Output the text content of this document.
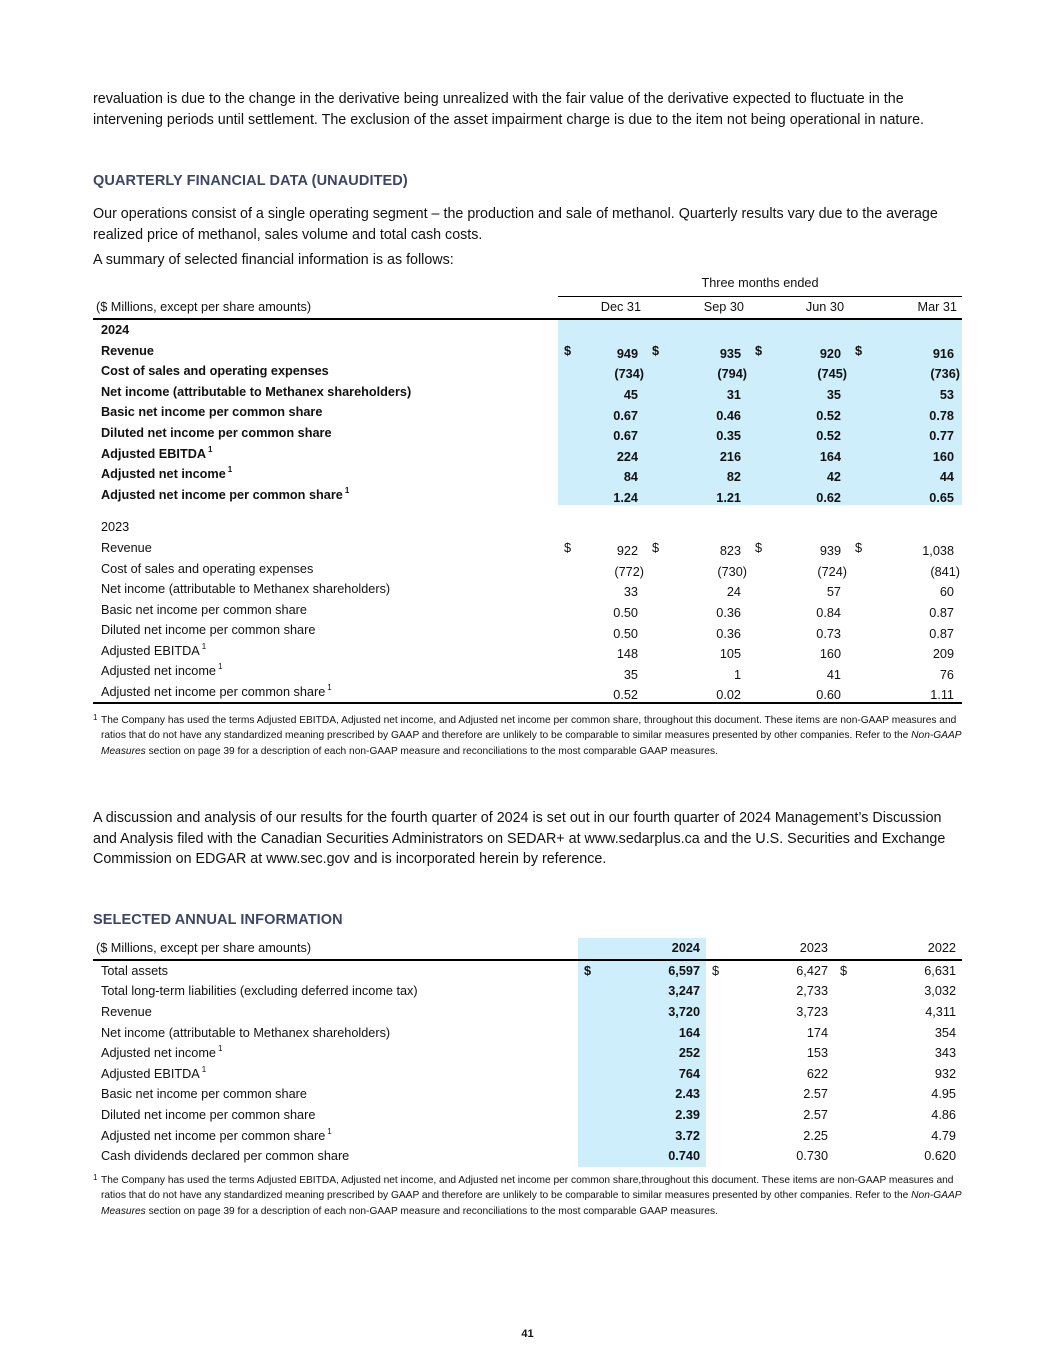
revaluation is due to the change in the derivative being unrealized with the fair value of the derivative expected to fluctuate in the intervening periods until settlement. The exclusion of the asset impairment charge is due to the item not being operational in nature.

QUARTERLY FINANCIAL DATA (UNAUDITED)

Our operations consist of a single operating segment – the production and sale of methanol. Quarterly results vary due to the average realized price of methanol, sales volume and total cash costs.

A summary of selected financial information is as follows:

	Three months ended							
($ Millions, except per share amounts)		Dec 31		Sep 30		Jun 30		Mar 31
2024								
Revenue	$	949	$	935	$	920	$	916
Cost of sales and operating expenses		(734)		(794)		(745)		(736)
Net income (attributable to Methanex shareholders)		45		31		35		53
Basic net income per common share		0.67		0.46		0.52		0.78
Diluted net income per common share		0.67		0.35		0.52		0.77
Adjusted EBITDA $^1$		224		216		164		160
Adjusted net income $^1$		84		82		42		44
Adjusted net income per common share $^1$		1.24		1.21		0.62		0.65

2023								
Revenue	$	922	$	823	$	939	$	1,038
Cost of sales and operating expenses		(772)		(730)		(724)		(841)
Net income (attributable to Methanex shareholders)		33		24		57		60
Basic net income per common share		0.50		0.36		0.84		0.87
Diluted net income per common share		0.50		0.36		0.73		0.87
Adjusted EBITDA $^1$		148		105		160		209
Adjusted net income $^1$		35		1		41		76
Adjusted net income per common share $^1$		0.52		0.02		0.60		1.11
1 The Company has used the terms Adjusted EBITDA, Adjusted net income, and Adjusted net income per common share, throughout this document. These items are non-GAAP measures and ratios that do not have any standardized meaning prescribed by GAAP and therefore are unlikely to be comparable to similar measures presented by other companies. Refer to the Non-GAAP Measures section on page 39 for a description of each non-GAAP measure and reconciliations to the most comparable GAAP measures.

A discussion and analysis of our results for the fourth quarter of 2024 is set out in our fourth quarter of 2024 Management’s Discussion and Analysis filed with the Canadian Securities Administrators on SEDAR+ at www.sedarplus.ca and the U.S. Securities and Exchange Commission on EDGAR at www.sec.gov and is incorporated herein by reference.

SELECTED ANNUAL INFORMATION
($ Millions, except per share amounts)		2024		2023		2022
Total assets	$	6,597	$	6,427	$	6,631
Total long-term liabilities (excluding deferred income tax)		3,247		2,733		3,032
Revenue		3,720		3,723		4,311
Net income (attributable to Methanex shareholders)		164		174		354
Adjusted net income $^1$		252		153		343
Adjusted EBITDA $^1$		764		622		932
Basic net income per common share		2.43		2.57		4.95
Diluted net income per common share		2.39		2.57		4.86
Adjusted net income per common share $^1$		3.72		2.25		4.79
Cash dividends declared per common share		0.740		0.730		0.620
1 The Company has used the terms Adjusted EBITDA, Adjusted net income, and Adjusted net income per common share,throughout this document. These items are non-GAAP measures and ratios that do not have any standardized meaning prescribed by GAAP and therefore are unlikely to be comparable to similar measures presented by other companies. Refer to the Non-GAAP Measures section on page 39 for a description of each non-GAAP measure and reconciliations to the most comparable GAAP measures.
41
